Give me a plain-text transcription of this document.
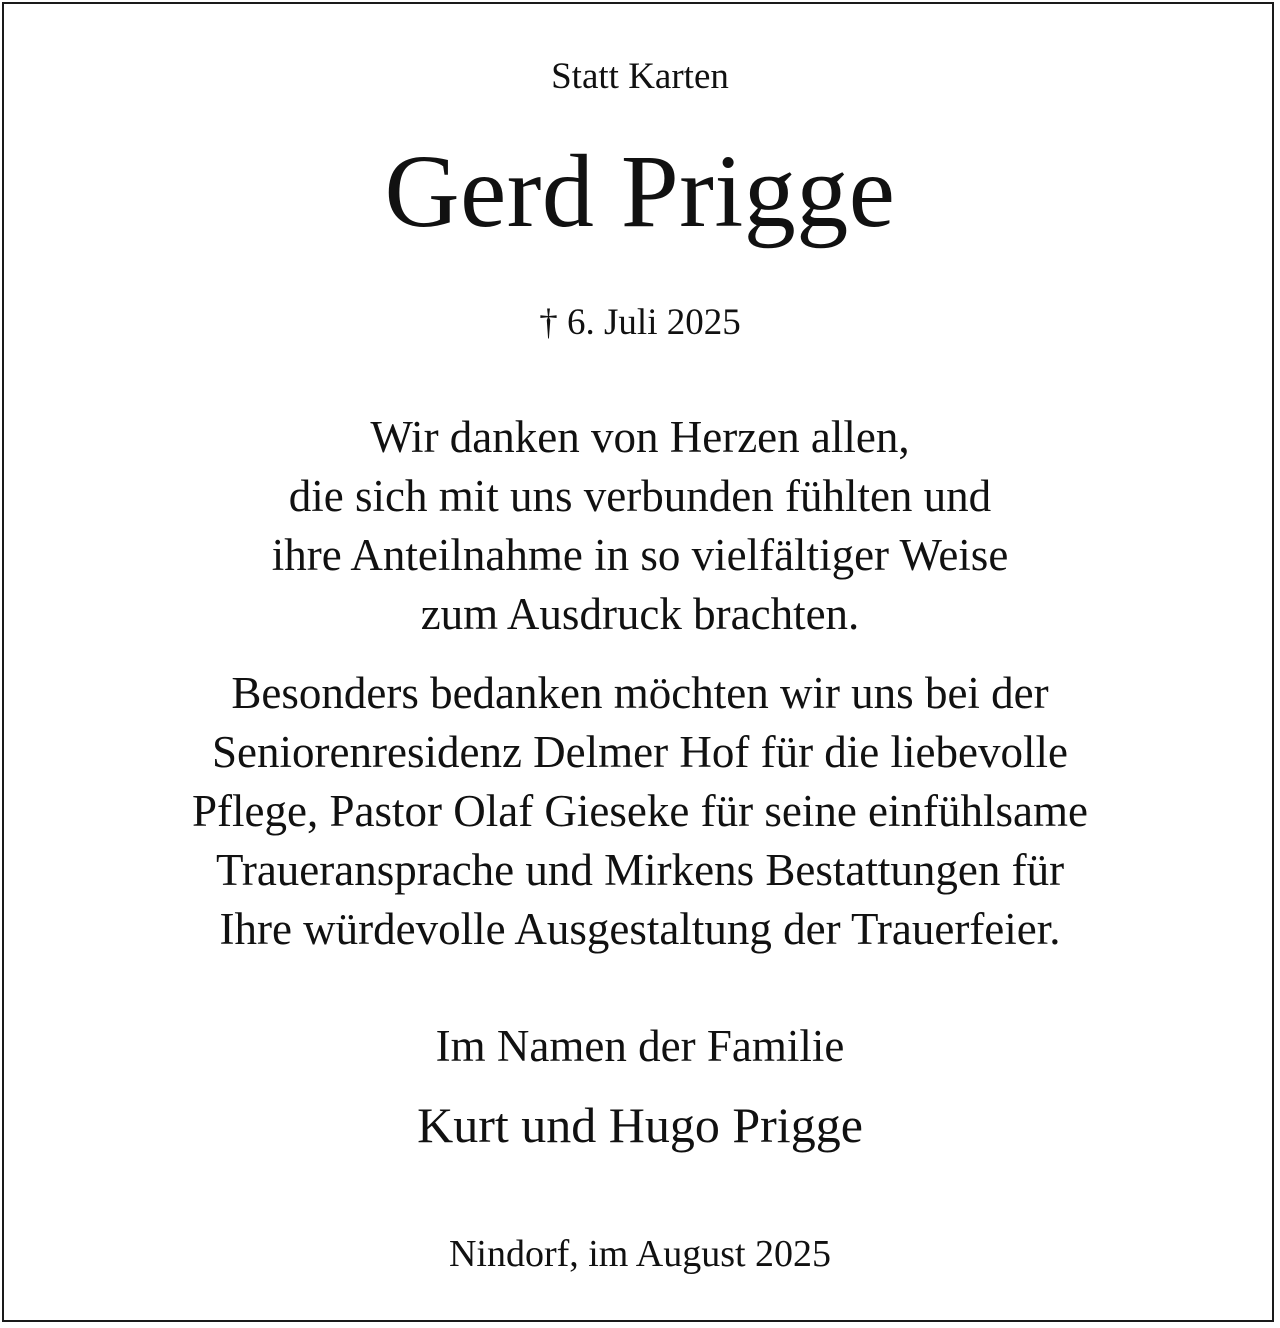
Statt Karten
Gerd Prigge
† 6. Juli 2025
Wir danken von Herzen allen,
die sich mit uns verbunden fühlten und
ihre Anteilnahme in so vielfältiger Weise
zum Ausdruck brachten.
Besonders bedanken möchten wir uns bei der
Seniorenresidenz Delmer Hof für die liebevolle
Pflege, Pastor Olaf Gieseke für seine einfühlsame
Traueransprache und Mirkens Bestattungen für
Ihre würdevolle Ausgestaltung der Trauerfeier.
Im Namen der Familie
Kurt und Hugo Prigge
Nindorf, im August 2025
